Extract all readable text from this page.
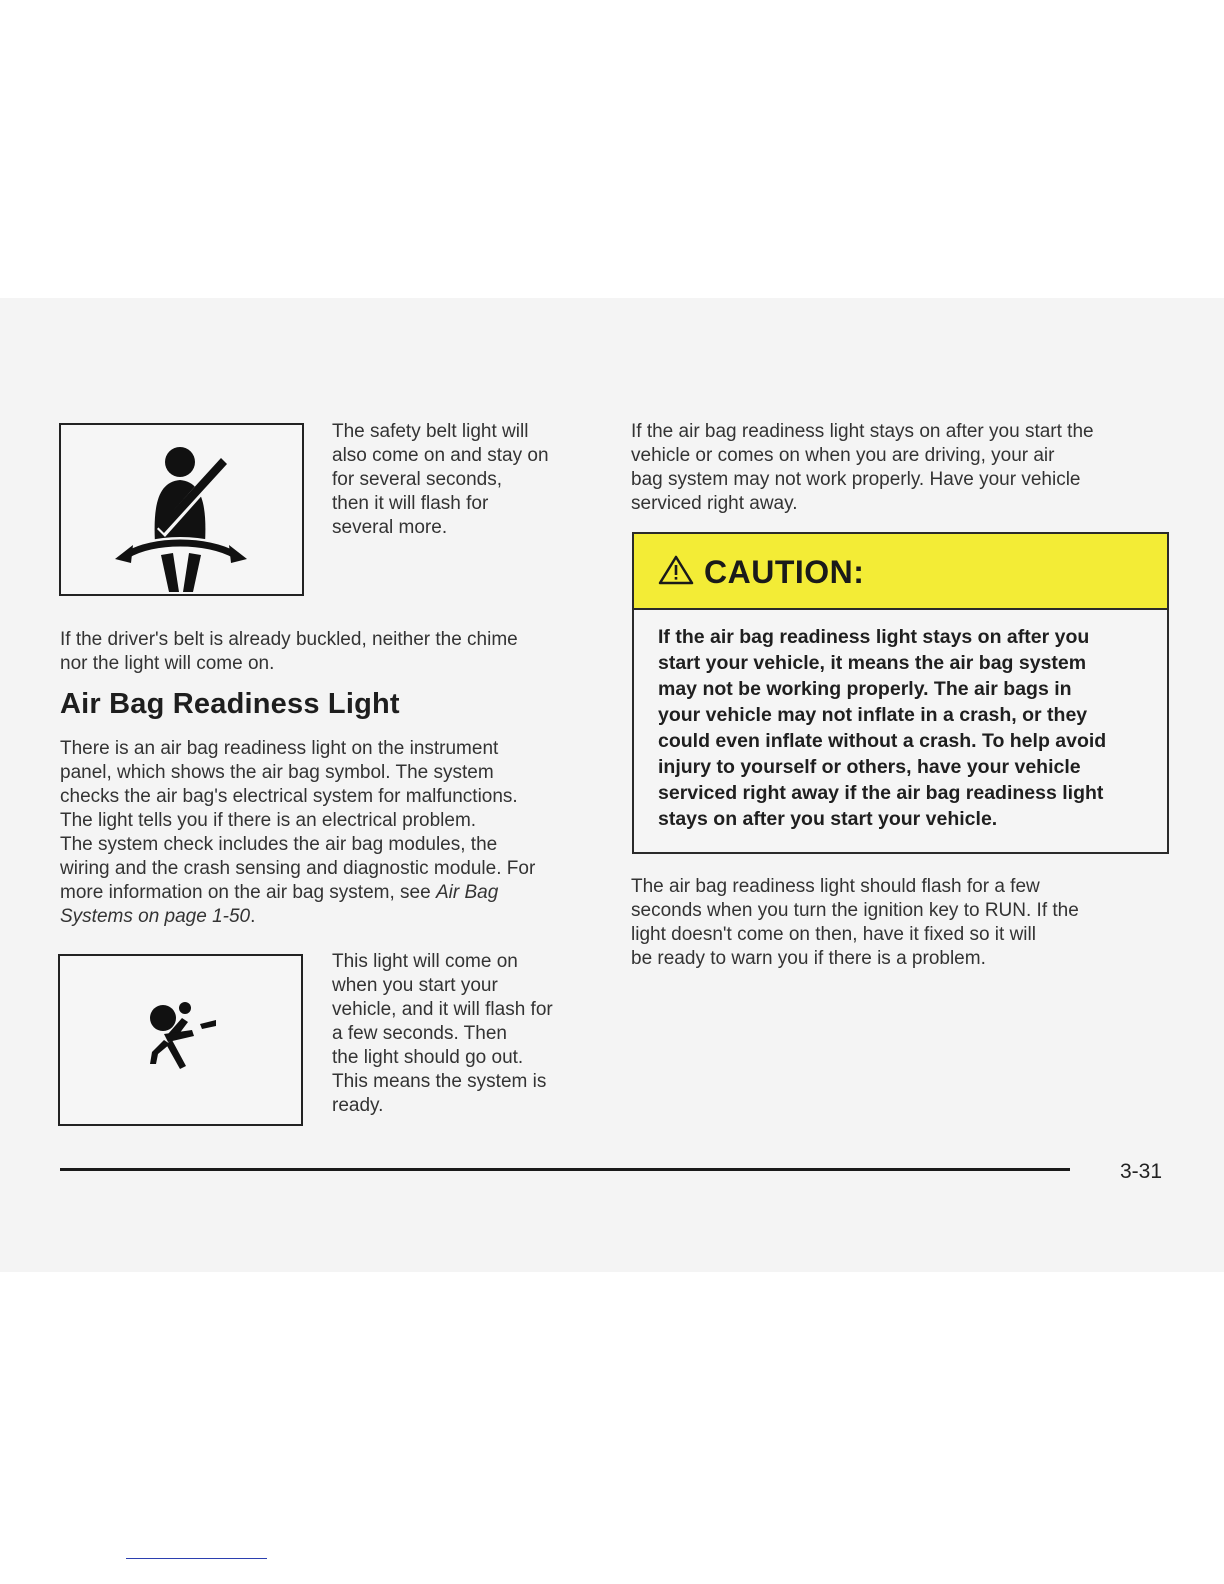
The safety belt light will
also come on and stay on
for several seconds,
then it will flash for
several more.

If the driver's belt is already buckled, neither the chime
nor the light will come on.

Air Bag Readiness Light

There is an air bag readiness light on the instrument
panel, which shows the air bag symbol. The system
checks the air bag's electrical system for malfunctions.
The light tells you if there is an electrical problem.
The system check includes the air bag modules, the
wiring and the crash sensing and diagnostic module. For
more information on the air bag system, see Air Bag
Systems on page 1-50.

This light will come on
when you start your
vehicle, and it will flash for
a few seconds. Then
the light should go out.
This means the system is
ready.

If the air bag readiness light stays on after you start the
vehicle or comes on when you are driving, your air
bag system may not work properly. Have your vehicle
serviced right away.

CAUTION:

If the air bag readiness light stays on after you
start your vehicle, it means the air bag system
may not be working properly. The air bags in
your vehicle may not inflate in a crash, or they
could even inflate without a crash. To help avoid
injury to yourself or others, have your vehicle
serviced right away if the air bag readiness light
stays on after you start your vehicle.

The air bag readiness light should flash for a few
seconds when you turn the ignition key to RUN. If the
light doesn't come on then, have it fixed so it will
be ready to warn you if there is a problem.

3-31
